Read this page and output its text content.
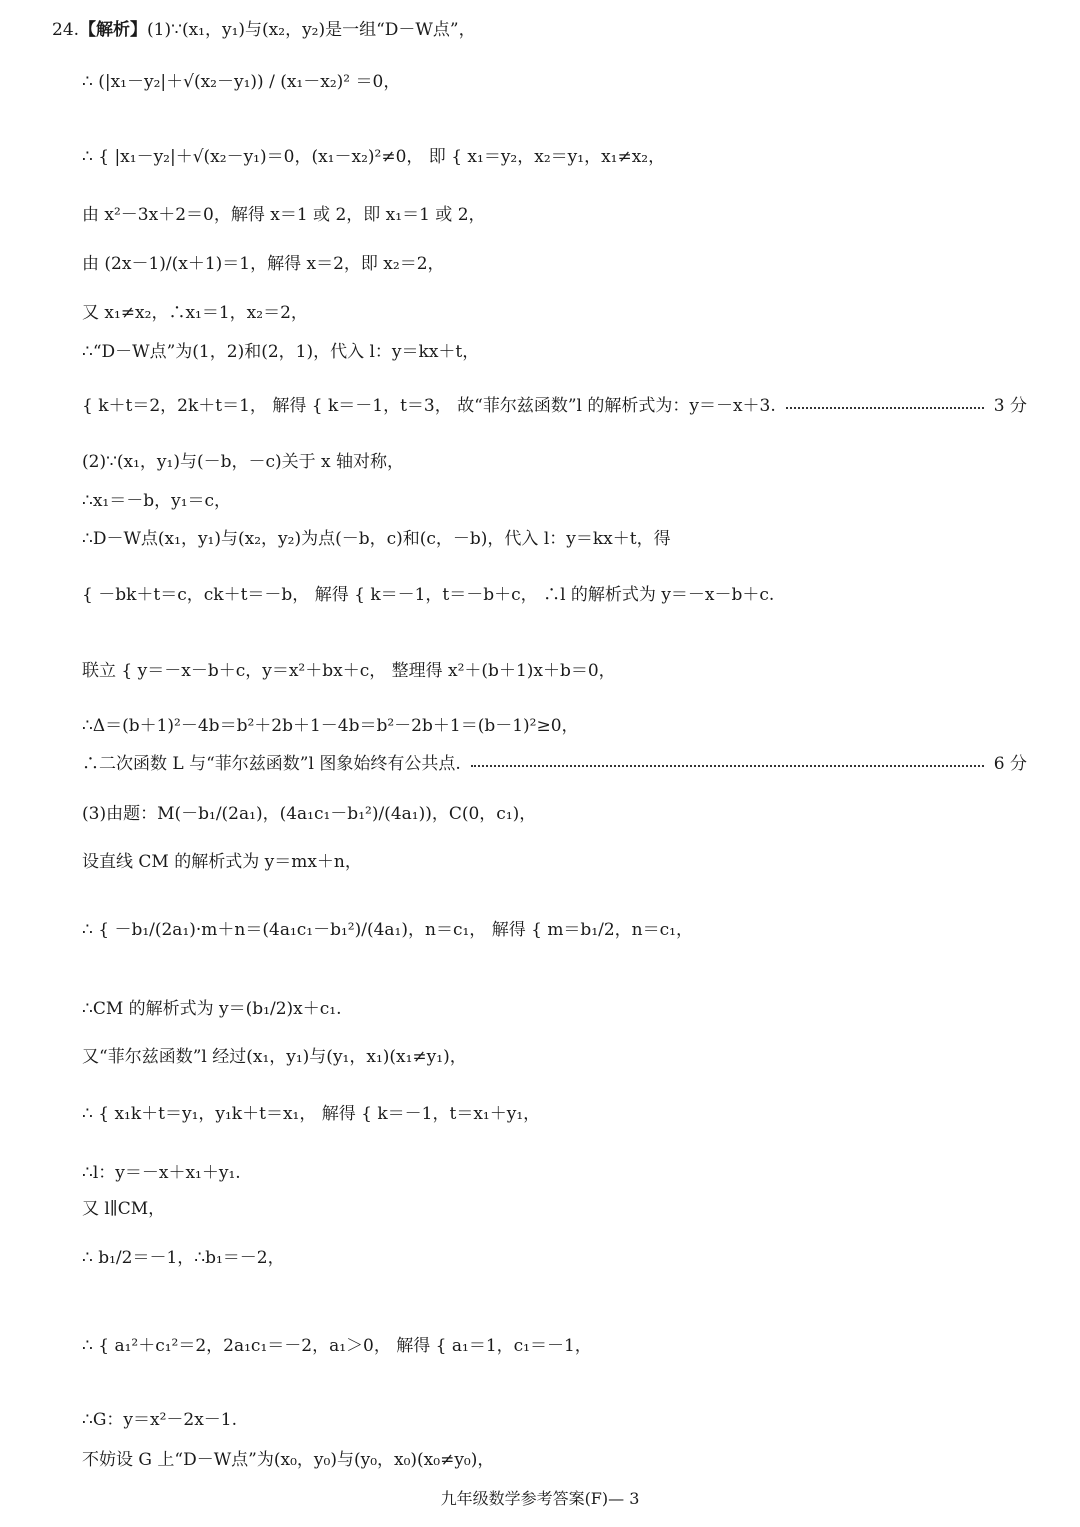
24.【解析】(1)∵(x₁，y₁)与(x₂，y₂)是一组“D－W点”，
∴ (|x₁－y₂|＋√(x₂－y₁)) / (x₁－x₂)² ＝0，
∴ { |x₁－y₂|＋√(x₂－y₁)＝0，(x₁－x₂)²≠0， 即 { x₁＝y₂，x₂＝y₁，x₁≠x₂，
由 x²－3x＋2＝0，解得 x＝1 或 2，即 x₁＝1 或 2，
由 (2x－1)/(x＋1)＝1，解得 x＝2，即 x₂＝2，
又 x₁≠x₂，∴x₁＝1，x₂＝2，
∴“D－W点”为(1，2)和(2，1)，代入 l：y＝kx＋t，
{ k＋t＝2，2k＋t＝1， 解得 { k＝－1，t＝3， 故“菲尔兹函数”l 的解析式为：y＝－x＋3.	3 分
(2)∵(x₁，y₁)与(－b，－c)关于 x 轴对称，
∴x₁＝－b，y₁＝c，
∴D－W点(x₁，y₁)与(x₂，y₂)为点(－b，c)和(c，－b)，代入 l：y＝kx＋t，得
{ －bk＋t＝c，ck＋t＝－b， 解得 { k＝－1，t＝－b＋c， ∴l 的解析式为 y＝－x－b＋c.
联立 { y＝－x－b＋c，y＝x²＋bx＋c， 整理得 x²＋(b＋1)x＋b＝0，
∴Δ＝(b＋1)²－4b＝b²＋2b＋1－4b＝b²－2b＋1＝(b－1)²≥0，
∴二次函数 L 与“菲尔兹函数”l 图象始终有公共点.	6 分
(3)由题：M(－b₁/(2a₁)，(4a₁c₁－b₁²)/(4a₁))，C(0，c₁)，
设直线 CM 的解析式为 y＝mx＋n，
∴ { －b₁/(2a₁)·m＋n＝(4a₁c₁－b₁²)/(4a₁)，n＝c₁， 解得 { m＝b₁/2，n＝c₁，
∴CM 的解析式为 y＝(b₁/2)x＋c₁.
又“菲尔兹函数”l 经过(x₁，y₁)与(y₁，x₁)(x₁≠y₁)，
∴ { x₁k＋t＝y₁，y₁k＋t＝x₁， 解得 { k＝－1，t＝x₁＋y₁，
∴l：y＝－x＋x₁＋y₁.
又 l∥CM，
∴ b₁/2＝－1，∴b₁＝－2，
∴ { a₁²＋c₁²＝2，2a₁c₁＝－2，a₁＞0， 解得 { a₁＝1，c₁＝－1，
∴G：y＝x²－2x－1.
不妨设 G 上“D－W点”为(x₀，y₀)与(y₀，x₀)(x₀≠y₀)，
九年级数学参考答案(F)— 3
